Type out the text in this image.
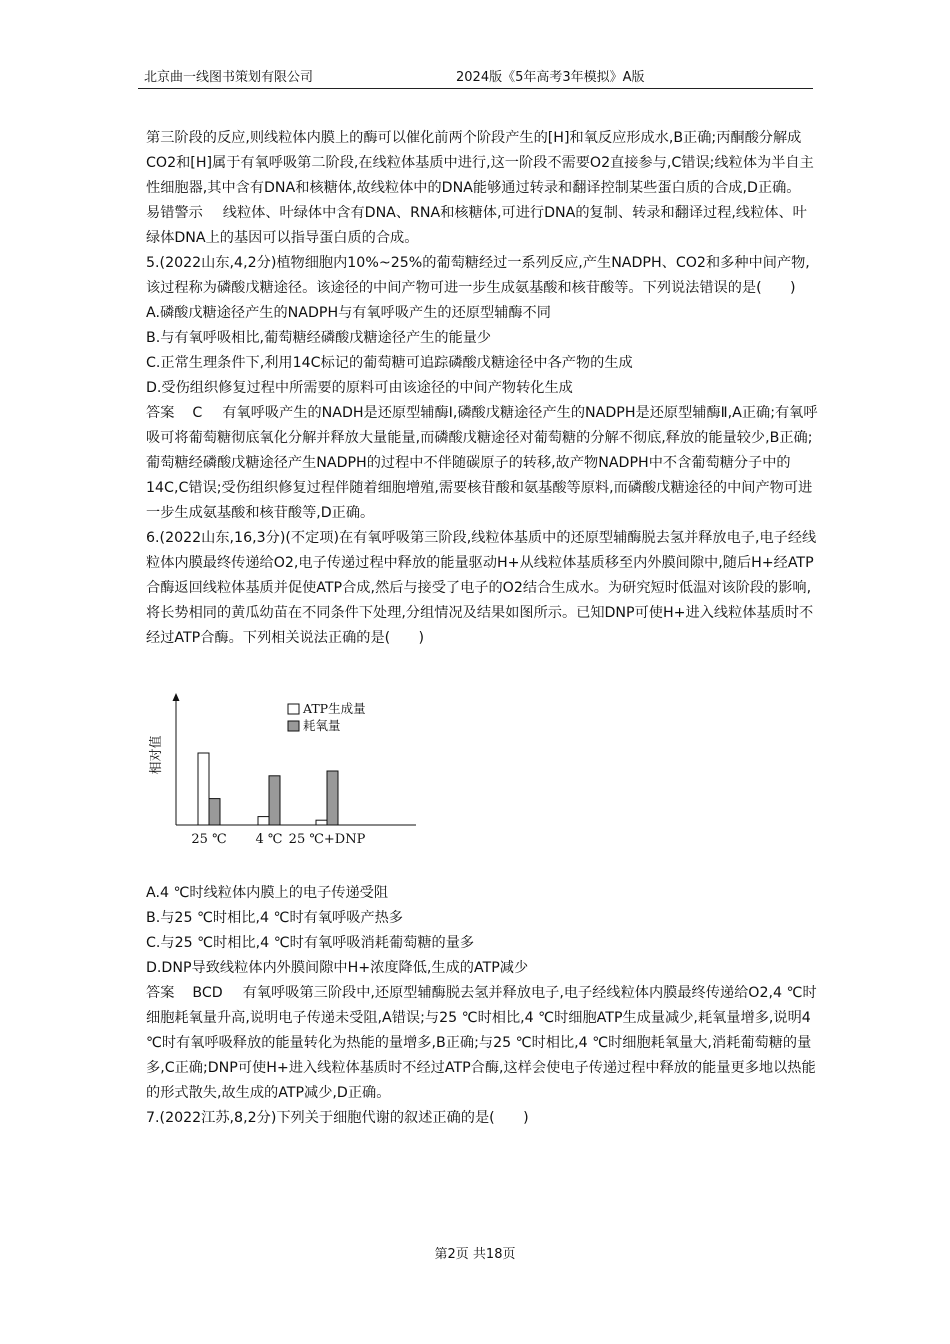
北京曲一线图书策划有限公司	2024版《5年高考3年模拟》A版

第三阶段的反应,则线粒体内膜上的酶可以催化前两个阶段产生的[H]和氧反应形成水,B正确;丙酮酸分解成CO2和[H]属于有氧呼吸第二阶段,在线粒体基质中进行,这一阶段不需要O2直接参与,C错误;线粒体为半自主性细胞器,其中含有DNA和核糖体,故线粒体中的DNA能够通过转录和翻译控制某些蛋白质的合成,D正确。

易错警示 线粒体、叶绿体中含有DNA、RNA和核糖体,可进行DNA的复制、转录和翻译过程,线粒体、叶绿体DNA上的基因可以指导蛋白质的合成。

5.(2022山东,4,2分)植物细胞内10%~25%的葡萄糖经过一系列反应,产生NADPH、CO2和多种中间产物,该过程称为磷酸戊糖途径。该途径的中间产物可进一步生成氨基酸和核苷酸等。下列说法错误的是(　　)

A.磷酸戊糖途径产生的NADPH与有氧呼吸产生的还原型辅酶不同

B.与有氧呼吸相比,葡萄糖经磷酸戊糖途径产生的能量少

C.正常生理条件下,利用14C标记的葡萄糖可追踪磷酸戊糖途径中各产物的生成

D.受伤组织修复过程中所需要的原料可由该途径的中间产物转化生成

答案 C 有氧呼吸产生的NADH是还原型辅酶Ⅰ,磷酸戊糖途径产生的NADPH是还原型辅酶Ⅱ,A正确;有氧呼吸可将葡萄糖彻底氧化分解并释放大量能量,而磷酸戊糖途径对葡萄糖的分解不彻底,释放的能量较少,B正确;葡萄糖经磷酸戊糖途径产生NADPH的过程中不伴随碳原子的转移,故产物NADPH中不含葡萄糖分子中的14C,C错误;受伤组织修复过程伴随着细胞增殖,需要核苷酸和氨基酸等原料,而磷酸戊糖途径的中间产物可进一步生成氨基酸和核苷酸等,D正确。

6.(2022山东,16,3分)(不定项)在有氧呼吸第三阶段,线粒体基质中的还原型辅酶脱去氢并释放电子,电子经线粒体内膜最终传递给O2,电子传递过程中释放的能量驱动H+从线粒体基质移至内外膜间隙中,随后H+经ATP合酶返回线粒体基质并促使ATP合成,然后与接受了电子的O2结合生成水。为研究短时低温对该阶段的影响,将长势相同的黄瓜幼苗在不同条件下处理,分组情况及结果如图所示。已知DNP可使H+进入线粒体基质时不经过ATP合酶。下列相关说法正确的是(　　)

相对值
ATP生成量
耗氧量
25 ℃ 4 ℃ 25 ℃+DNP

A.4 ℃时线粒体内膜上的电子传递受阻

B.与25 ℃时相比,4 ℃时有氧呼吸产热多

C.与25 ℃时相比,4 ℃时有氧呼吸消耗葡萄糖的量多

D.DNP导致线粒体内外膜间隙中H+浓度降低,生成的ATP减少

答案 BCD 有氧呼吸第三阶段中,还原型辅酶脱去氢并释放电子,电子经线粒体内膜最终传递给O2,4 ℃时细胞耗氧量升高,说明电子传递未受阻,A错误;与25 ℃时相比,4 ℃时细胞ATP生成量减少,耗氧量增多,说明4 ℃时有氧呼吸释放的能量转化为热能的量增多,B正确;与25 ℃时相比,4 ℃时细胞耗氧量大,消耗葡萄糖的量多,C正确;DNP可使H+进入线粒体基质时不经过ATP合酶,这样会使电子传递过程中释放的能量更多地以热能的形式散失,故生成的ATP减少,D正确。

7.(2022江苏,8,2分)下列关于细胞代谢的叙述正确的是(　　)

第2页 共18页
